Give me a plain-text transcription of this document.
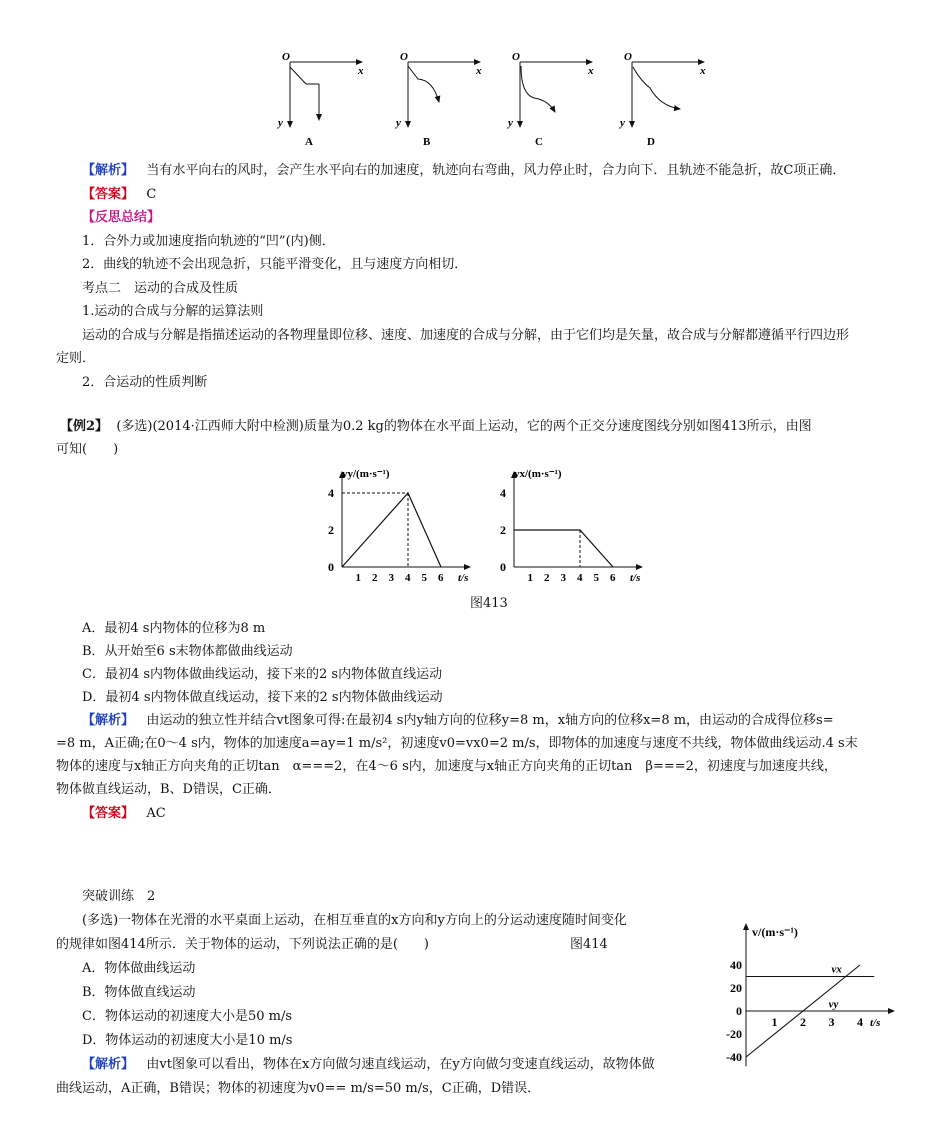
O
x
y
A
O
x
y
B
O
x
y
C
O
x
y
D
【解析】 当有水平向右的风时，会产生水平向右的加速度，轨迹向右弯曲，风力停止时，合力向下．且轨迹不能急折，故C项正确．
【答案】 C
【反思总结】
1．合外力或加速度指向轨迹的“凹”(内)侧．
2．曲线的轨迹不会出现急折，只能平滑变化，且与速度方向相切．
考点二　运动的合成及性质
1.运动的合成与分解的运算法则
运动的合成与分解是指描述运动的各物理量即位移、速度、加速度的合成与分解，由于它们均是矢量，故合成与分解都遵循平行四边形
定则．
2．合运动的性质判断
【例2】 (多选)(2014·江西师大附中检测)质量为0.2 kg的物体在水平面上运动，它的两个正交分速度图线分别如图413所示，由图
可知(　　)
vy/(m·s⁻¹)
t/s
0
1 2 3 4 5 6
2
4
vx/(m·s⁻¹)
t/s
0
1 2 3 4 5 6
2
4
图413
A．最初4 s内物体的位移为8 m
B．从开始至6 s末物体都做曲线运动
C．最初4 s内物体做曲线运动，接下来的2 s内物体做直线运动
D．最初4 s内物体做直线运动，接下来的2 s内物体做曲线运动
【解析】 由运动的独立性并结合vt图象可得:在最初4 s内y轴方向的位移y=8 m，x轴方向的位移x=8 m，由运动的合成得位移s=
=8 m，A正确;在0～4 s内，物体的加速度a=ay=1 m/s²，初速度v0=vx0=2 m/s，即物体的加速度与速度不共线，物体做曲线运动.4 s末
物体的速度与x轴正方向夹角的正切tan　α===2，在4～6 s内，加速度与x轴正方向夹角的正切tan　β===2，初速度与加速度共线，
物体做直线运动，B、D错误，C正确．
【答案】 AC
突破训练　2
(多选)一物体在光滑的水平桌面上运动，在相互垂直的x方向和y方向上的分运动速度随时间变化
的规律如图414所示．关于物体的运动，下列说法正确的是(　　)	图414
A．物体做曲线运动
B．物体做直线运动
C．物体运动的初速度大小是50 m/s
D．物体运动的初速度大小是10 m/s
【解析】 由vt图象可以看出，物体在x方向做匀速直线运动，在y方向做匀变速直线运动，故物体做
曲线运动，A正确，B错误；物体的初速度为v0== m/s=50 m/s，C正确，D错误．
v/(m·s⁻¹)
t/s
1 2 3 4
40
20
0
-20
-40
vx
vy
